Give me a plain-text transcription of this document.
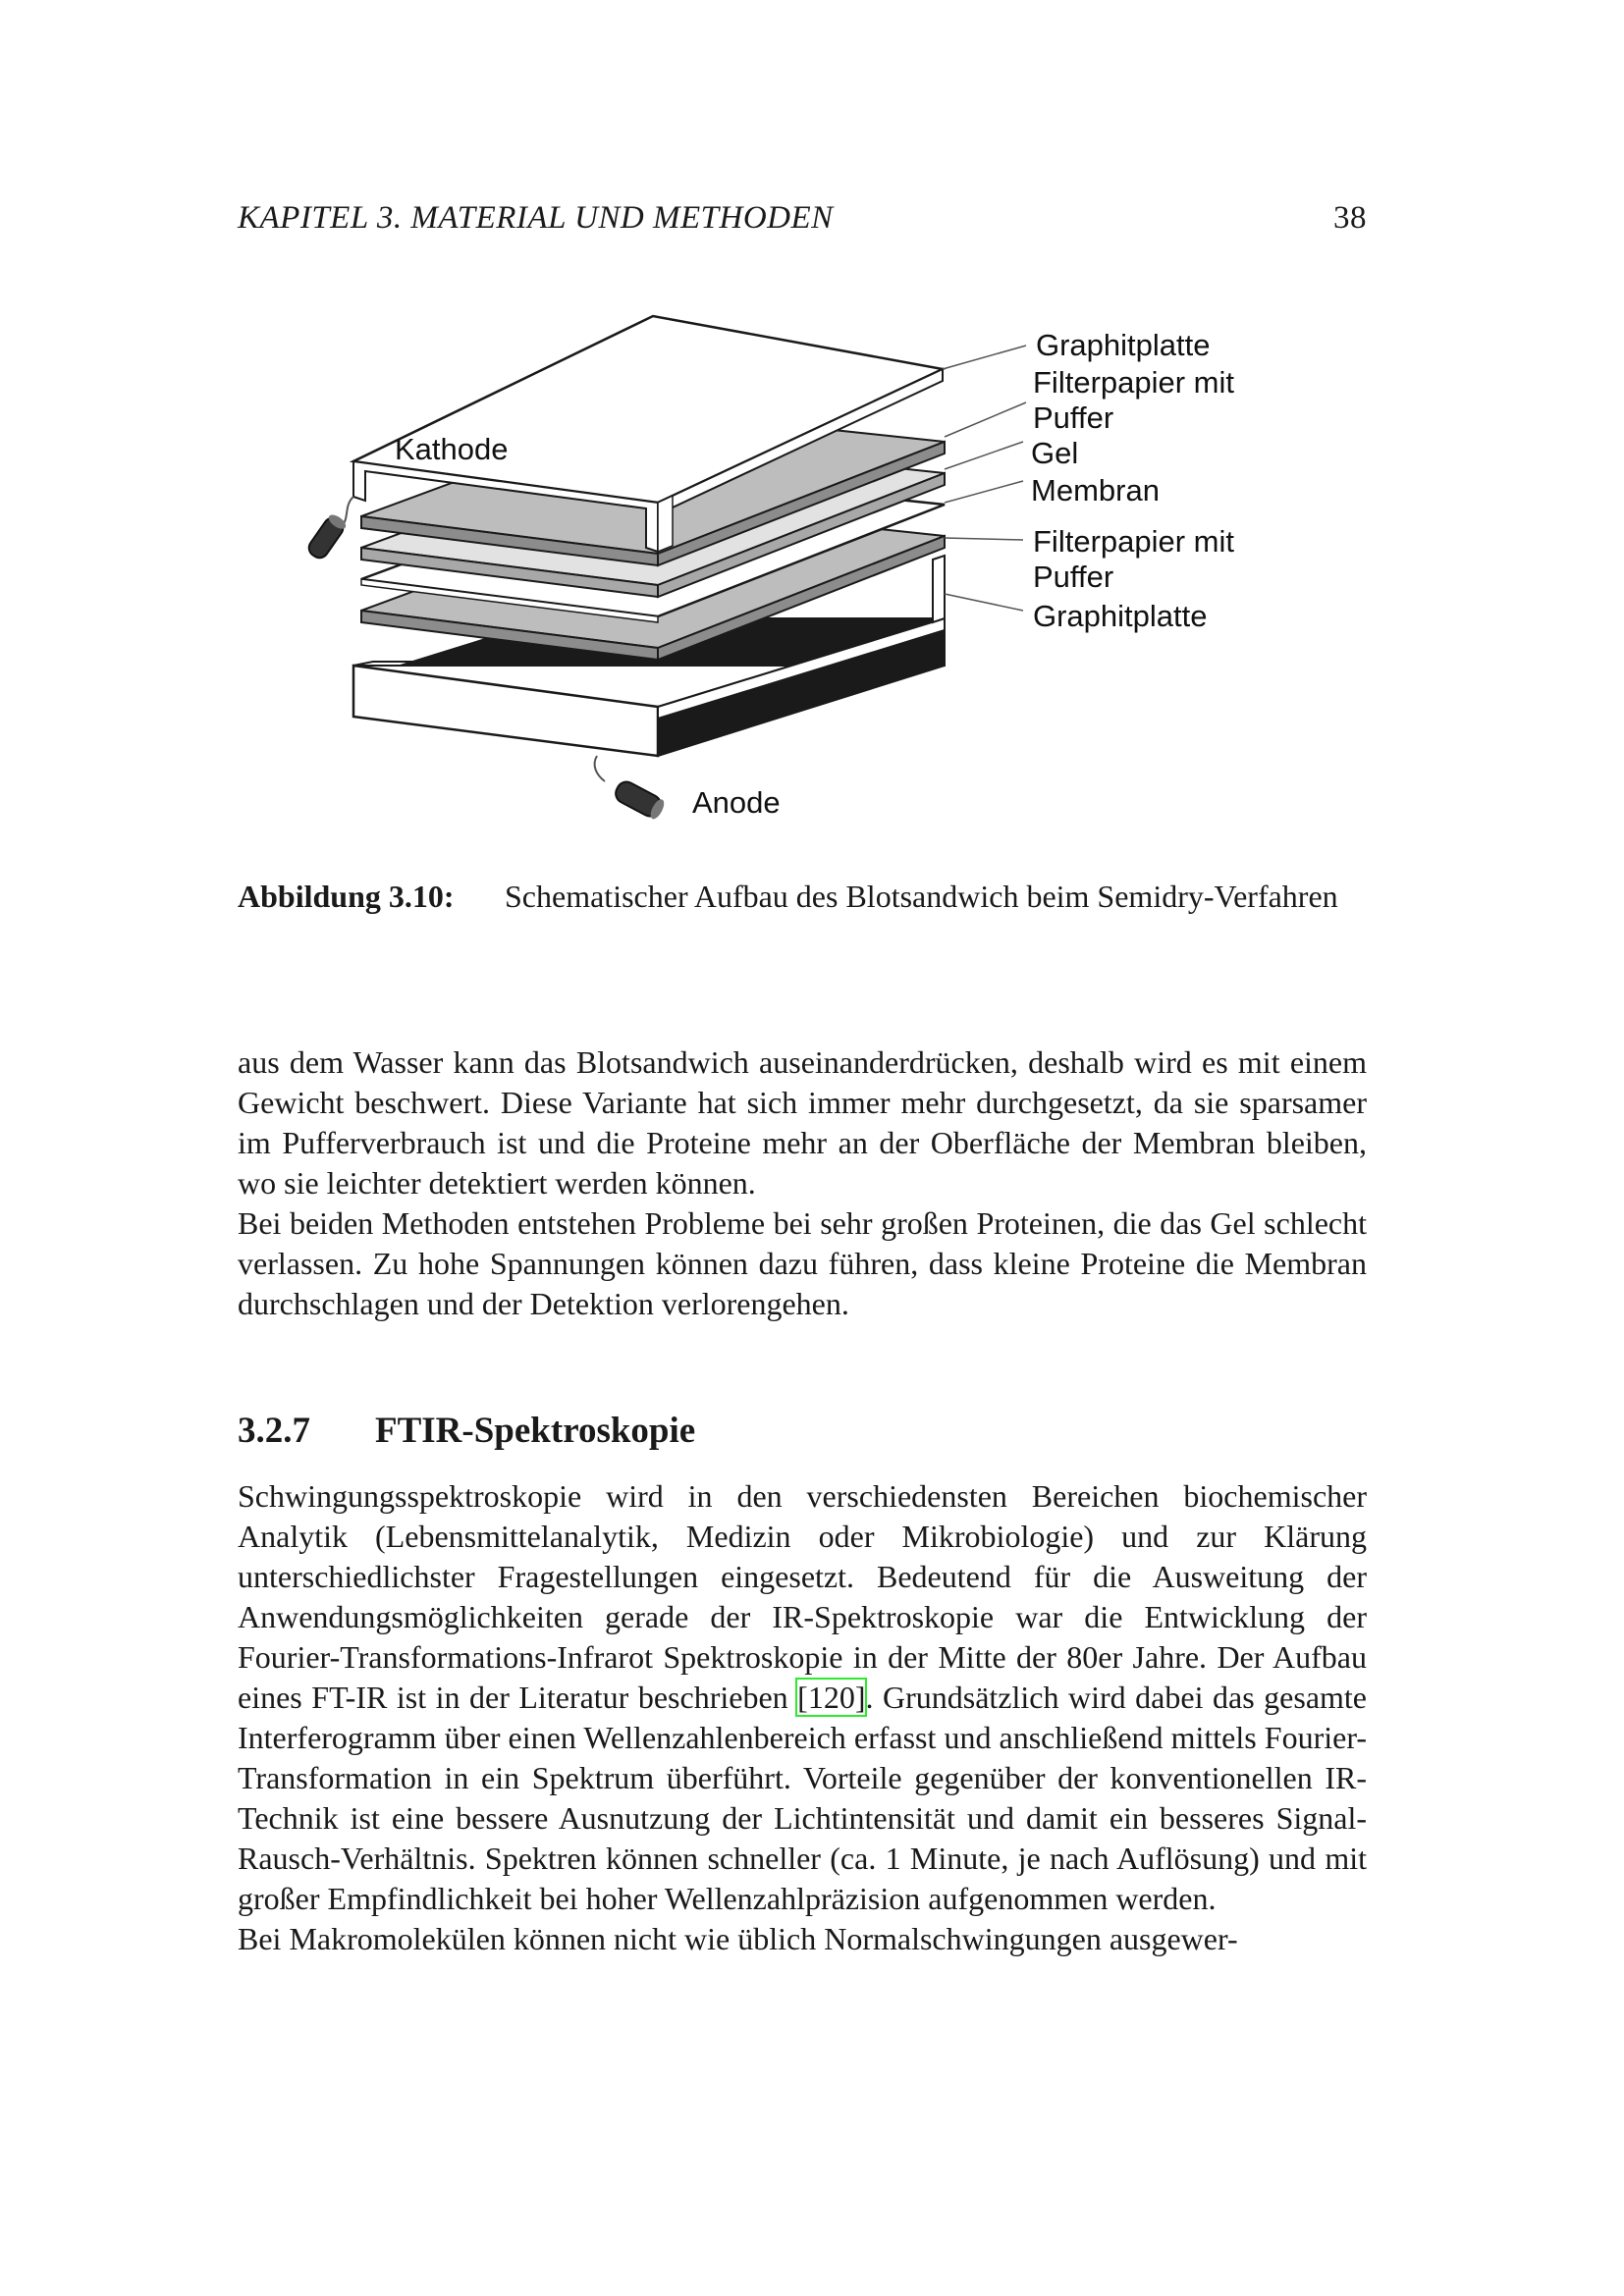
KAPITEL 3. MATERIAL UND METHODEN	38
Graphitplatte
Filterpapier mit
Puffer
Gel
Membran
Filterpapier mit
Puffer
Graphitplatte
Kathode
Anode
Abbildung 3.10: Schematischer Aufbau des Blotsandwich beim Semidry-Verfahren

aus dem Wasser kann das Blotsandwich auseinanderdrücken, deshalb wird es mit einem Gewicht beschwert. Diese Variante hat sich immer mehr durchgesetzt, da sie sparsamer im Pufferverbrauch ist und die Proteine mehr an der Oberfläche der Membran bleiben, wo sie leichter detektiert werden können.

Bei beiden Methoden entstehen Probleme bei sehr großen Proteinen, die das Gel schlecht verlassen. Zu hohe Spannungen können dazu führen, dass kleine Proteine die Membran durchschlagen und der Detektion verlorengehen.

3.2.7 FTIR-Spektroskopie

Schwingungsspektroskopie wird in den verschiedensten Bereichen biochemischer Analytik (Lebensmittelanalytik, Medizin oder Mikrobiologie) und zur Klärung unterschiedlichster Fragestellungen eingesetzt. Bedeutend für die Ausweitung der Anwendungsmöglichkeiten gerade der IR-Spektroskopie war die Entwicklung der Fourier-Transformations-Infrarot Spektroskopie in der Mitte der 80er Jahre. Der Aufbau eines FT-IR ist in der Literatur beschrieben [120]. Grundsätzlich wird dabei das gesamte Interferogramm über einen Wellenzahlenbereich erfasst und anschließend mittels Fourier-Transformation in ein Spektrum überführt. Vorteile gegenüber der konventionellen IR-Technik ist eine bessere Ausnutzung der Lichtintensität und damit ein besseres Signal-Rausch-Verhältnis. Spektren können schneller (ca. 1 Minute, je nach Auflösung) und mit großer Empfindlichkeit bei hoher Wellenzahlpräzision aufgenommen werden.

Bei Makromolekülen können nicht wie üblich Normalschwingungen ausgewer-
